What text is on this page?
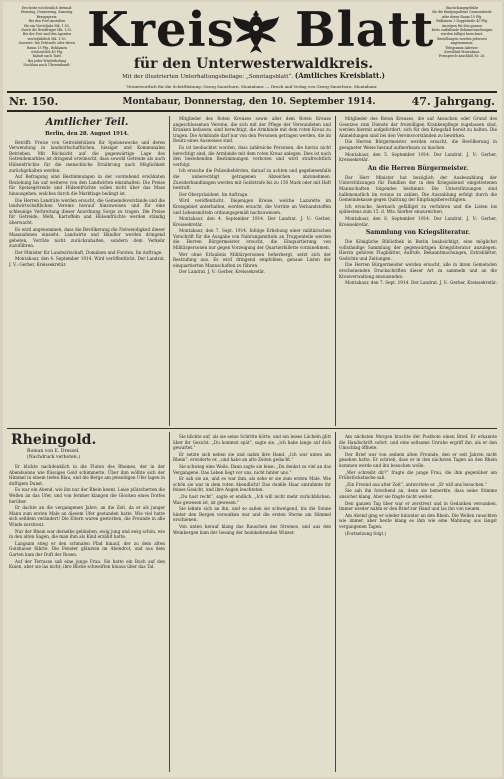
Erscheint wöchentlich dreimal:

Dienstag, Donnerstag, Samstag.

Bezugspreis:

Bei den Post-Anstalten

für ein Vierteljahr Mk. 1.50,

durch die Briefträger Mk. 1.92.

Bei der Post und den Agenten

vierteljährlich Mk. 1.50.

Inserate: Die Petitzeile oder deren

Raum 15 Pfg., Reklamen

wöchentlich 40 Pfg.

Rabatt nach Tarif.

Bei jeder Wiederholung

Nachlass nach Übereinkunft.

Kreis Blatt
für den Unterwesterwaldkreis.
Mit der illustrierten Unterhaltungsbeilage: „Sonntagsblatt“. (Amtliches Kreisblatt.)

Einrückungsgebühr

für die fünfgespaltene Garmondzeile

oder deren Raum 15 Pfg.

Reklamen 3 Doppelzeile 40 Pfg.

Anzeigen für den ganzen

Kreis entfallende Bekanntmachungen

werden billigst berechnet.

Bestellungen werden jederzeit

angenommen.

Telegramm-Adresse:

Kreisblatt Montabaur.

Fernsprech-Anschluß Nr. 26.

Verantwortlich für die Schriftleitung: Georg Sauerborn, Montabaur. — Druck und Verlag von Georg Sauerborn, Montabaur.
Nr. 150.	Montabaur, Donnerstag, den 10. September 1914.	47. Jahrgang.
Amtlicher Teil.
Berlin, den 28. August 1914.

Betrifft: Preise von Getreidehülsen für Speisezwecke und deren Verwendung in landwirtschaftlichen, hiesiger und Kommunalen Betrieben. Mit Rücksicht auf die gegenwärtige Lage des Getreidemarktes ist dringend erwünscht, dass sowohl Getreide als auch Hülsenfrüchte für die menschliche Ernährung nach Möglichkeit zurückgehalten werden.

Auf Befragung sind Bestimmungen in der vorstehend erwähnten Beziehung bis auf weiteres von den Landwirten einzuhalten. Die Preise für Speisegetreide und Hülsenfrüchte sollen nicht über das Mass hinausgehen, welches durch die Marktlage bedingt ist.

Die Herren Landräte werden ersucht, die Gemeindevorstände und die landwirtschaftlichen Vereine hierauf hinzuweisen und für eine schleunige Verbreitung dieser Anordnung Sorge zu tragen. Die Preise für Getreide, Mehl, Kartoffeln und Hülsenfrüchte werden ständig überwacht.

Es wird angenommen, dass die Bevölkerung die Notwendigkeit dieser Massnahmen einsieht. Landwirte und Händler werden dringend gebeten, Vorräte nicht zurückzuhalten, sondern dem Verkehr zuzuführen.

Der Minister für Landwirtschaft, Domänen und Forsten. Im Auftrage.

Montabaur, den 4. September 1914. Wird veröffentlicht. Der Landrat. J. V.: Gerber, Kreissekretär.

Mitglieder des Roten Kreuzes sowie aller dem Roten Kreuze angeschlossenen Vereine, die sich mit der Pflege der Verwundeten und Kranken befassen, sind berechtigt, die Armbinde mit dem roten Kreuz zu tragen. Die Armbinde darf nur von den Personen getragen werden, die im Besitz eines Ausweises sind.

Es ist beobachtet worden, dass zahlreiche Personen, die hierzu nicht berechtigt sind, die Armbinde mit dem roten Kreuz anlegen. Dies ist nach den bestehenden Bestimmungen verboten und wird strafrechtlich verfolgt.

Ich ersuche die Polizeibehörden, darauf zu achten und gegebenenfalls die unberechtigt getragenen Abzeichen abzunehmen. Zuwiderhandlungen werden mit Geldstrafe bis zu 150 Mark oder mit Haft bestraft.

Der Oberpräsident. Im Auftrage.

Wird veröffentlicht. Diejenigen Kreise, welche Lazarette im Kreisgebiet unterhalten, werden ersucht, die Vorräte an Verbandstoffen und Lebensmitteln ordnungsgemäß nachzuweisen.

Montabaur, den 4. September 1914. Der Landrat. J. V.: Gerber, Kreissekretär.

Montabaur, den 7. Sept. 1914. Infolge Erhebung einer militärischen Vorschrift für die Ausgabe von Nahrungsmitteln an Truppenteile werden die Herren Bürgermeister ersucht, die Einquartierung von Militärpersonen nur gegen Vorzeigung der Quartierbillette vorzunehmen.

Wer ohne Erlaubnis Militärpersonen beherbergt, setzt sich der Bestrafung aus. Es wird dringend empfohlen, genaue Listen der einquartierten Mannschaften zu führen.

Der Landrat. J. V.: Gerber, Kreissekretär.

Mitglieder des Roten Kreuzes, die auf Ansuchen oder Grund des Gesetzes zum Dienste der freiwilligen Krankenpflege zugelassen sind, werden hiermit aufgefordert, sich für den Kriegsfall bereit zu halten. Die Anmeldungen sind bei den Vereinsvorständen zu bewirken.

Die Herren Bürgermeister werden ersucht, die Bevölkerung in geeigneter Weise hierauf aufmerksam zu machen.

Montabaur, den 5. September 1914. Der Landrat. J. V.: Gerber, Kreissekretär.

An die Herren Bürgermeister.

Der Herr Minister hat bezüglich der Ausbezahlung der Unterstützungen für Familien der in den Kriegsdienst eingetretenen Mannschaften folgendes bestimmt: Die Unterstützungen sind halbmonatlich im voraus zu zahlen. Die Auszahlung erfolgt durch die Gemeindekasse gegen Quittung der Empfangsberechtigten.

Ich ersuche, hiernach gefälligst zu verfahren und die Listen bis spätestens zum 15. d. Mts. hierher einzureichen.

Montabaur, den 8. September 1914. Der Landrat. J. V.: Gerber, Kreissekretär.

Sammlung von Kriegsliteratur.

Die Königliche Bibliothek in Berlin beabsichtigt, eine möglichst vollständige Sammlung der gegenwärtigen Kriegsliteratur anzulegen. Hierzu gehören Flugblätter, Aufrufe, Bekanntmachungen, Extrablätter, Gedichte und Zeitungen.

Die Herren Bürgermeister werden ersucht, alle in ihren Gemeinden erscheinenden Druckschriften dieser Art zu sammeln und an die Kreisverwaltung einzusenden.

Montabaur, den 7. Sept. 1914. Der Landrat. J. V.: Gerber, Kreissekretär.

Rheingold.
Roman von E. Dressel.
(Nachdruck verboten.)

Er blickte nachdenklich in die Fluten des Rheines, der in der Abendsonne wie flüssiges Gold schimmerte. Über ihm wölbte sich der Himmel in einem tiefen Blau, und die Berge am jenseitigen Ufer lagen in duftigem Dunst.

Es war ein Abend, wie ihn nur der Rhein kennt. Leise plätscherten die Wellen an das Ufer, und von fernher klangen die Glocken eines Dorfes herüber.

Er dachte an die vergangenen Jahre, an die Zeit, da er als junger Mann zum ersten Male an diesem Ufer gestanden hatte. Wie viel hatte sich seitdem verändert! Die Eltern waren gestorben, die Freunde in alle Winde zerstreut.

Nur der Rhein war derselbe geblieben, ewig jung und ewig schön, wie in den alten Sagen, die man ihm als Kind erzählt hatte.

Langsam stieg er den schmalen Pfad hinauf, der zu dem alten Gutshause führte. Die Fenster glänzten im Abendrot, und aus dem Garten kam der Duft der Rosen.

Auf der Terrasse saß eine junge Frau. Sie hatte ein Buch auf den Knien, aber sie las nicht; ihre Blicke schweiften hinaus über das Tal.

Sie blickte auf, als sie seine Schritte hörte, und ein leises Lächeln glitt über ihr Gesicht. „Du kommst spät“, sagte sie, „ich habe lange auf dich gewartet.“

Er setzte sich neben sie und nahm ihre Hand. „Ich war unten am Rhein“, erwiderte er, „und habe an alte Zeiten gedacht.“

Sie schwieg eine Weile. Dann sagte sie leise: „Du denkst zu viel an das Vergangene. Das Leben liegt vor uns, nicht hinter uns.“

Er sah sie an, und es war ihm, als sehe er sie zum ersten Male. Wie schön sie war in dem roten Abendlicht! Das dunkle Haar umrahmte ihr feines Gesicht, und ihre Augen leuchteten.

„Du hast recht“, sagte er endlich. „Ich will nicht mehr zurückblicken. Was gewesen ist, ist gewesen.“

Sie lehnte sich an ihn, und so saßen sie schweigend, bis die Sonne hinter den Bergen versunken war und die ersten Sterne am Himmel erschienen.

Von unten herauf klang das Rauschen des Stromes, und aus den Weinbergen kam der Gesang der heimkehrenden Winzer.

Am nächsten Morgen brachte der Postbote einen Brief. Er erkannte die Handschrift sofort, und eine seltsame Unruhe ergriff ihn, als er den Umschlag öffnete.

Der Brief war von seinem alten Freunde, den er seit Jahren nicht gesehen hatte. Er schrieb, dass er in den nächsten Tagen an den Rhein kommen werde und ihn besuchen wolle.

„Wer schreibt dir?“ fragte die junge Frau, die ihm gegenüber am Frühstückstische saß.

„Ein Freund aus alter Zeit“, antwortete er. „Er will uns besuchen.“

Sie sah ihn forschend an, denn sie bemerkte, dass seine Stimme unsicher klang. Aber sie fragte nicht weiter.

Den ganzen Tag über war er zerstreut und in Gedanken versunken. Immer wieder nahm er den Brief zur Hand und las ihn von neuem.

Am Abend ging er wieder hinunter an den Rhein. Die Wellen rauschten wie immer, aber heute klang es ihm wie eine Mahnung aus längst vergangenen Tagen.

(Fortsetzung folgt.)
